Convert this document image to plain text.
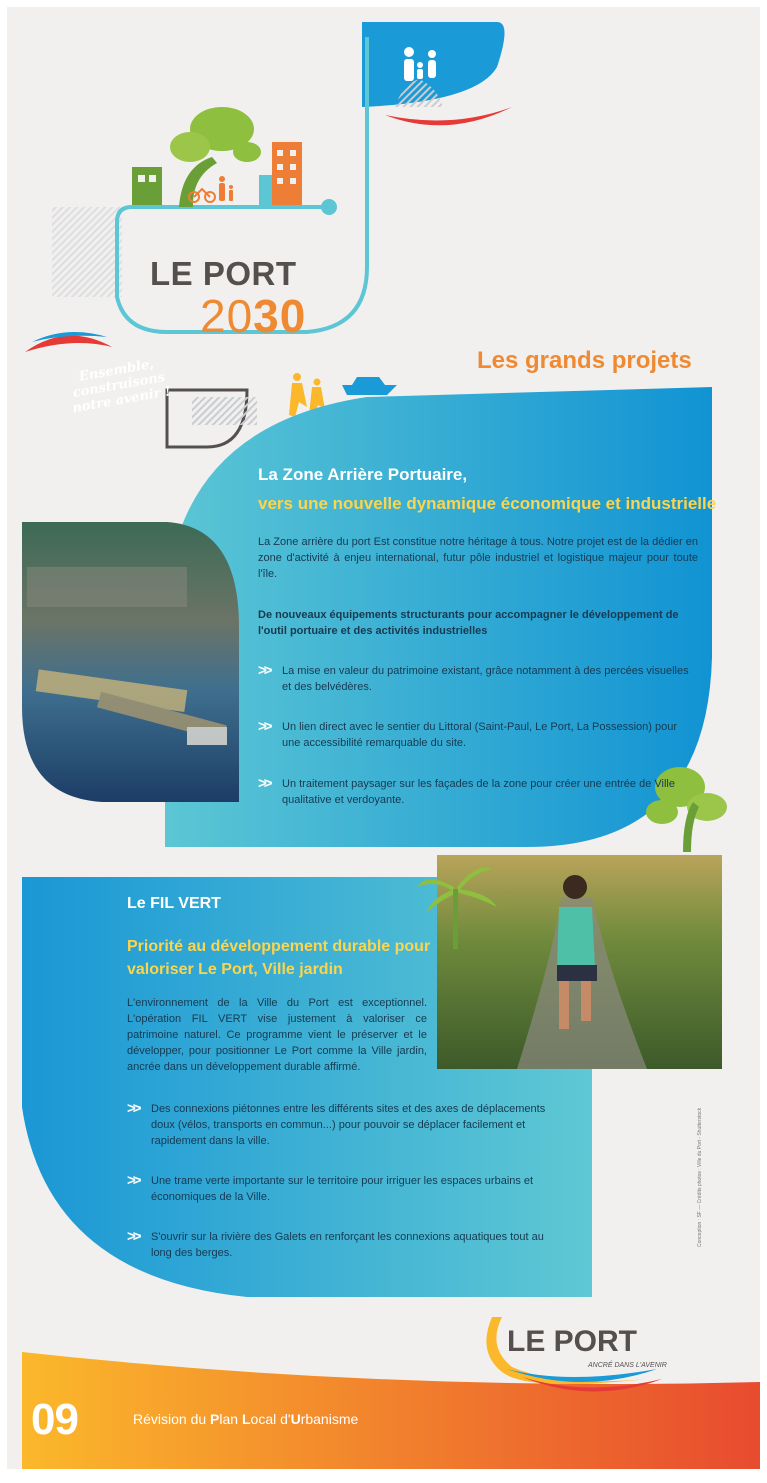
LE PORT
2030
Ensemble, construisons notre avenir !
Les grands projets
La Zone Arrière Portuaire,
vers une nouvelle dynamique économique et industrielle
La Zone arrière du port Est constitue notre héritage à tous. Notre projet est de la dédier en zone d'activité à enjeu international, futur pôle industriel et logistique majeur pour toute l'île.
De nouveaux équipements structurants pour accompagner le développement de l'outil portuaire et des activités industrielles
>>	La mise en valeur du patrimoine existant, grâce notamment à des percées visuelles et des belvédères.
>>	Un lien direct avec le sentier du Littoral (Saint-Paul, Le Port, La Possession) pour une accessibilité remarquable du site.
>>	Un traitement paysager sur les façades de la zone pour créer une entrée de Ville qualitative et verdoyante.
Le FIL VERT
Priorité au développement durable pour valoriser Le Port, Ville jardin
L'environnement de la Ville du Port est exceptionnel. L'opération FIL VERT vise justement à valoriser ce patrimoine naturel. Ce programme vient le préserver et le développer, pour positionner Le Port comme la Ville jardin, ancrée dans un développement durable affirmé.
>>	Des connexions piétonnes entre les différents sites et des axes de déplacements doux (vélos, transports en commun...) pour pouvoir se déplacer facilement et rapidement dans la ville.
>>	Une trame verte importante sur le territoire pour irriguer les espaces urbains et économiques de la Ville.
>>	S'ouvrir sur la rivière des Galets en renforçant les connexions aquatiques tout au long des berges.
09	Révision du Plan Local d'Urbanisme
LE PORT
ANCRÉ DANS L'AVENIR
Conception : SF — Crédits photos : Ville du Port - Shutterstock
